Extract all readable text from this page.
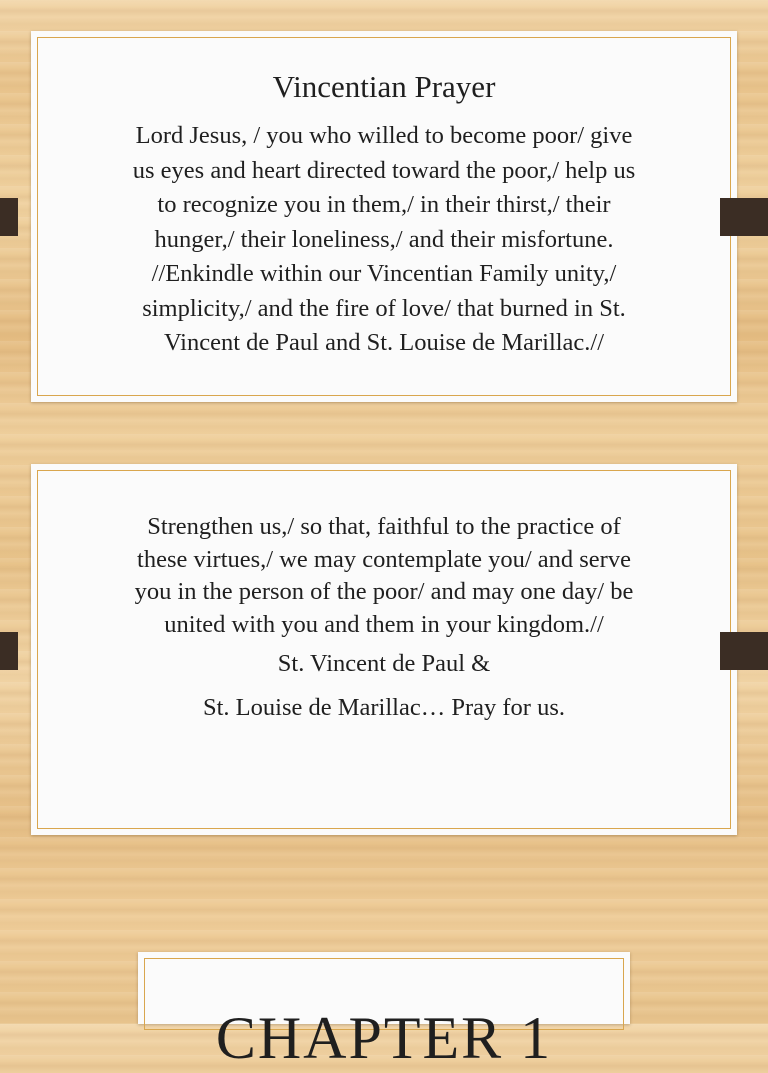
Vincentian Prayer
Lord Jesus, / you who willed to become poor/ give
us eyes and heart directed toward the poor,/ help us
to recognize you in them,/ in their thirst,/ their
hunger,/ their loneliness,/ and their misfortune.
//Enkindle within our Vincentian Family unity,/
simplicity,/ and the fire of love/ that burned in St.
Vincent de Paul and St. Louise de Marillac.//
Strengthen us,/ so that, faithful to the practice of
these virtues,/ we may contemplate you/ and serve
you in the person of the poor/ and may one day/ be
united with you and them in your kingdom.//
St. Vincent de Paul &
St. Louise de Marillac… Pray for us.
CHAPTER 1
